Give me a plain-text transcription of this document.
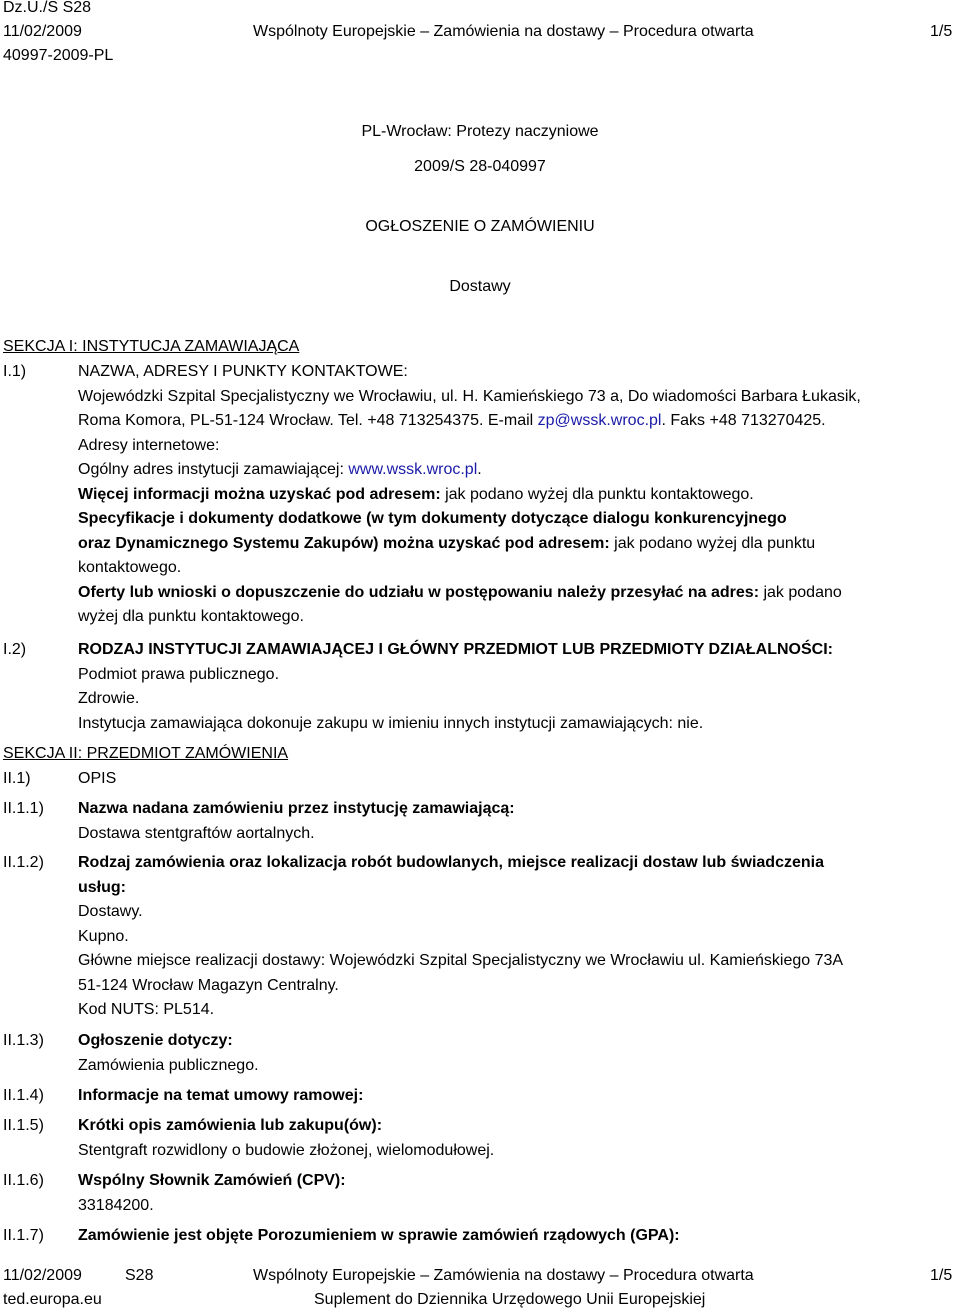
Dz.U./S S28
11/02/2009
40997-2009-PL
Wspólnoty Europejskie – Zamówienia na dostawy – Procedura otwarta	1/5
PL-Wrocław: Protezy naczyniowe
2009/S 28-040997
OGŁOSZENIE O ZAMÓWIENIU
Dostawy
SEKCJA I: INSTYTUCJA ZAMAWIAJĄCA
I.1)	NAZWA, ADRESY I PUNKTY KONTAKTOWE:
Wojewódzki Szpital Specjalistyczny we Wrocławiu, ul. H. Kamieńskiego 73 a, Do wiadomości Barbara Łukasik,
Roma Komora, PL-51-124 Wrocław. Tel. +48 713254375. E-mail zp@wssk.wroc.pl. Faks +48 713270425.
Adresy internetowe:
Ogólny adres instytucji zamawiającej: www.wssk.wroc.pl.
Więcej informacji można uzyskać pod adresem: jak podano wyżej dla punktu kontaktowego.
Specyfikacje i dokumenty dodatkowe (w tym dokumenty dotyczące dialogu konkurencyjnego
oraz Dynamicznego Systemu Zakupów) można uzyskać pod adresem: jak podano wyżej dla punktu
kontaktowego.
Oferty lub wnioski o dopuszczenie do udziału w postępowaniu należy przesyłać na adres: jak podano
wyżej dla punktu kontaktowego.
I.2)	RODZAJ INSTYTUCJI ZAMAWIAJĄCEJ I GŁÓWNY PRZEDMIOT LUB PRZEDMIOTY DZIAŁALNOŚCI:
Podmiot prawa publicznego.
Zdrowie.
Instytucja zamawiająca dokonuje zakupu w imieniu innych instytucji zamawiających: nie.
SEKCJA II: PRZEDMIOT ZAMÓWIENIA
II.1)	OPIS
II.1.1) Nazwa nadana zamówieniu przez instytucję zamawiającą:
Dostawa stentgraftów aortalnych.
II.1.2) Rodzaj zamówienia oraz lokalizacja robót budowlanych, miejsce realizacji dostaw lub świadczenia
usług:
Dostawy.
Kupno.
Główne miejsce realizacji dostawy: Wojewódzki Szpital Specjalistyczny we Wrocławiu ul. Kamieńskiego 73A
51-124 Wrocław Magazyn Centralny.
Kod NUTS: PL514.
II.1.3) Ogłoszenie dotyczy:
Zamówienia publicznego.
II.1.4) Informacje na temat umowy ramowej:
II.1.5) Krótki opis zamówienia lub zakupu(ów):
Stentgraft rozwidlony o budowie złożonej, wielomodułowej.
II.1.6) Wspólny Słownik Zamówień (CPV):
33184200.
II.1.7) Zamówienie jest objęte Porozumieniem w sprawie zamówień rządowych (GPA):
11/02/2009	S28	Wspólnoty Europejskie – Zamówienia na dostawy – Procedura otwarta	1/5
ted.europa.eu	Suplement do Dziennika Urzędowego Unii Europejskiej
